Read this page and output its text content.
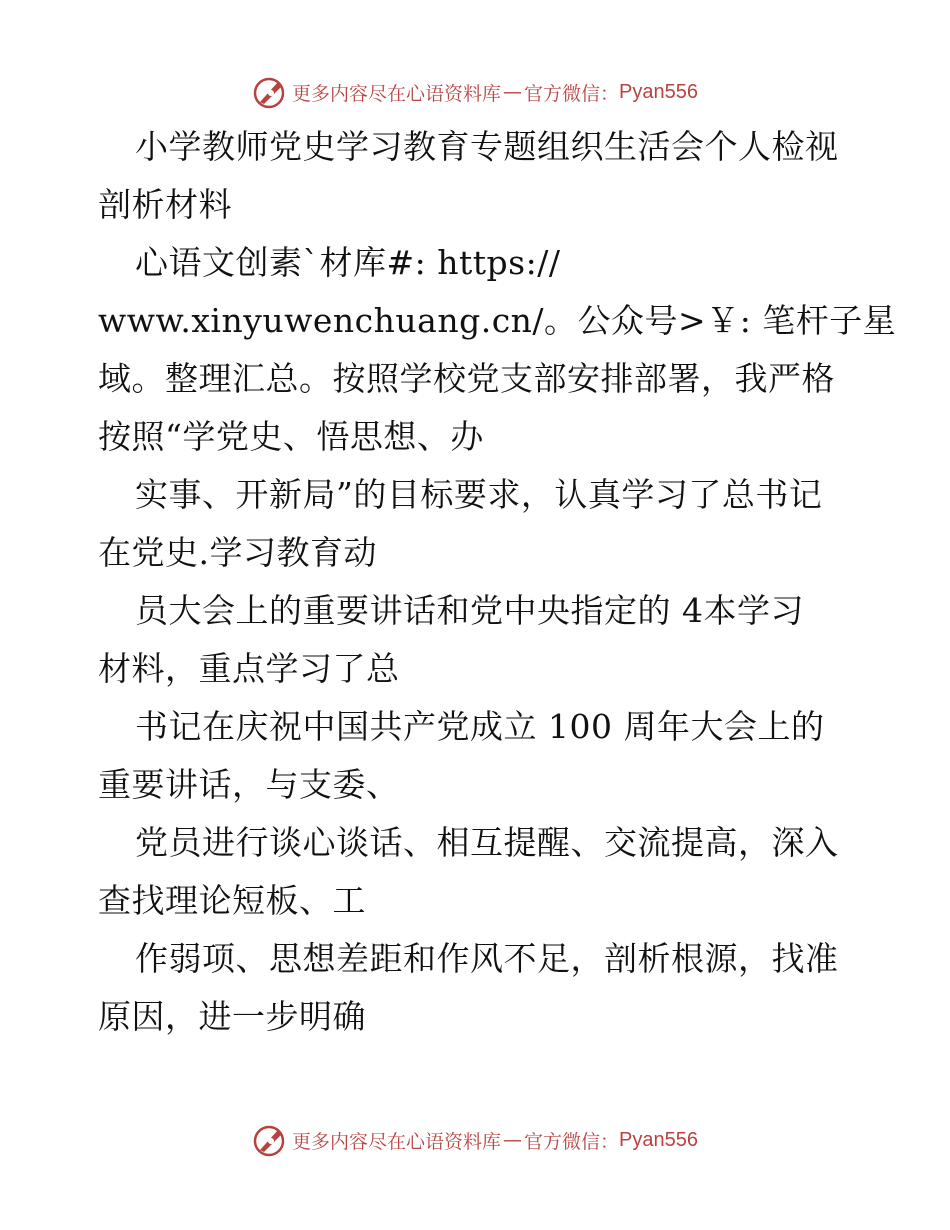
更多内容尽在心语资料库 — 官方微信： Pyan556
小学教师党史学习教育专题组织生活会个人检视
剖析材料
心语文创素`材库#: https://
www.xinyuwenchuang.cn/。公众号>￥: 笔杆子星
域。整理汇总。按照学校党支部安排部署，我严格
按照“学党史、悟思想、办
实事、开新局”的目标要求，认真学习了总书记
在党史.学习教育动
员大会上的重要讲话和党中央指定的 4本学习
材料，重点学习了总
书记在庆祝中国共产党成立 100 周年大会上的
重要讲话，与支委、
党员进行谈心谈话、相互提醒、交流提高，深入
查找理论短板、工
作弱项、思想差距和作风不足，剖析根源，找准
原因，进一步明确
更多内容尽在心语资料库 — 官方微信： Pyan556
